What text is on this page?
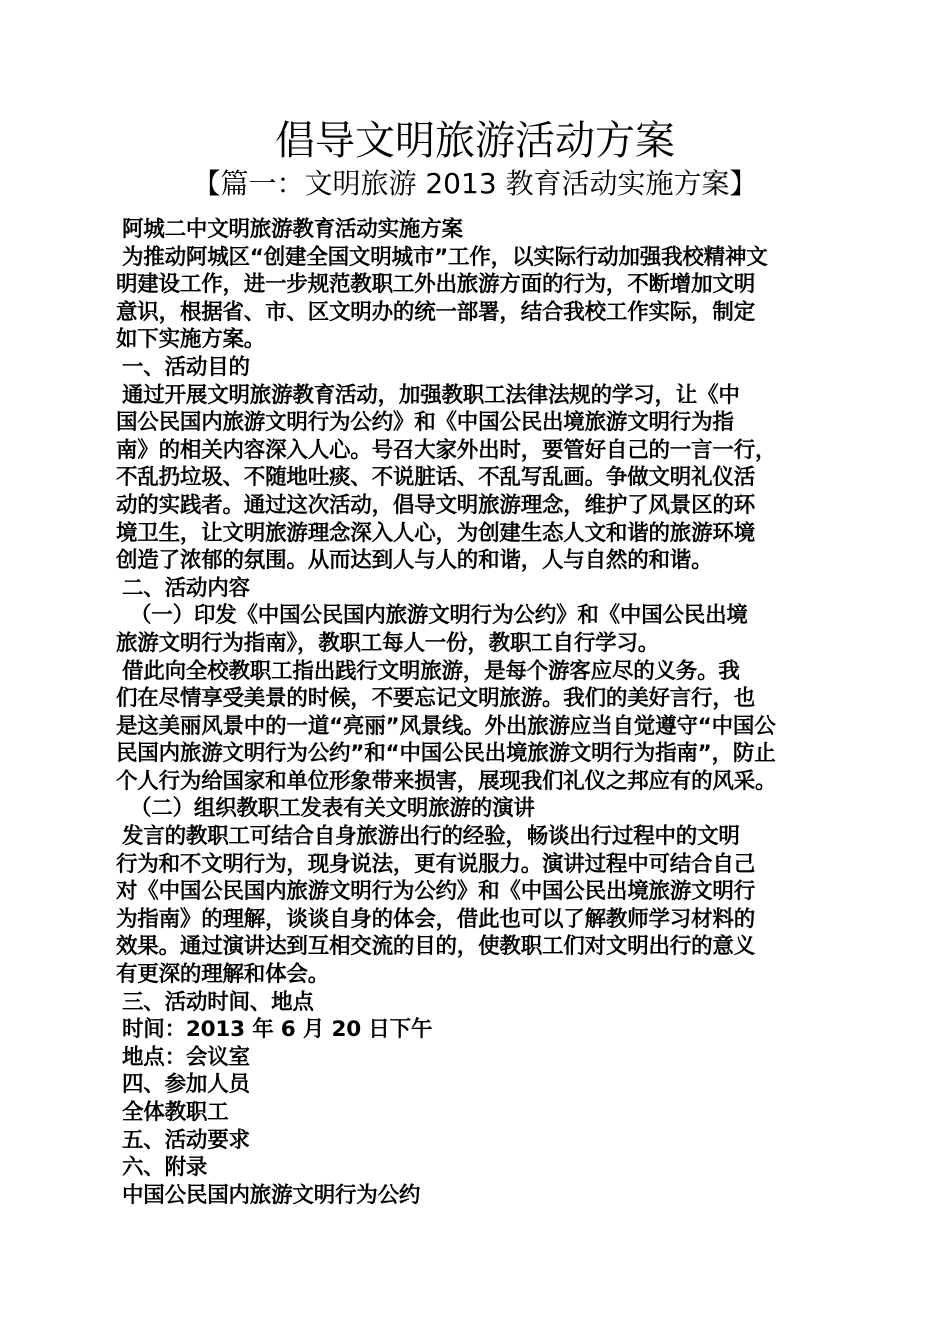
倡导文明旅游活动方案
【篇一：文明旅游 2013 教育活动实施方案】
阿城二中文明旅游教育活动实施方案
为推动阿城区“创建全国文明城市”工作，以实际行动加强我校精神文
明建设工作，进一步规范教职工外出旅游方面的行为，不断增加文明
意识，根据省、市、区文明办的统一部署，结合我校工作实际，制定
如下实施方案。
一、活动目的
通过开展文明旅游教育活动，加强教职工法律法规的学习，让《中
国公民国内旅游文明行为公约》和《中国公民出境旅游文明行为指
南》的相关内容深入人心。号召大家外出时，要管好自己的一言一行，
不乱扔垃圾、不随地吐痰、不说脏话、不乱写乱画。争做文明礼仪活
动的实践者。通过这次活动，倡导文明旅游理念，维护了风景区的环
境卫生，让文明旅游理念深入人心，为创建生态人文和谐的旅游环境
创造了浓郁的氛围。从而达到人与人的和谐，人与自然的和谐。
二、活动内容
（一）印发《中国公民国内旅游文明行为公约》和《中国公民出境
旅游文明行为指南》，教职工每人一份，教职工自行学习。
借此向全校教职工指出践行文明旅游，是每个游客应尽的义务。我
们在尽情享受美景的时候，不要忘记文明旅游。我们的美好言行，也
是这美丽风景中的一道“亮丽”风景线。外出旅游应当自觉遵守“中国公
民国内旅游文明行为公约”和“中国公民出境旅游文明行为指南”，防止
个人行为给国家和单位形象带来损害，展现我们礼仪之邦应有的风采。
（二）组织教职工发表有关文明旅游的演讲
发言的教职工可结合自身旅游出行的经验，畅谈出行过程中的文明
行为和不文明行为，现身说法，更有说服力。演讲过程中可结合自己
对《中国公民国内旅游文明行为公约》和《中国公民出境旅游文明行
为指南》的理解，谈谈自身的体会，借此也可以了解教师学习材料的
效果。通过演讲达到互相交流的目的，使教职工们对文明出行的意义
有更深的理解和体会。
三、活动时间、地点
时间：2013 年 6 月 20 日下午
地点：会议室
四、参加人员
全体教职工
五、活动要求
六、附录
中国公民国内旅游文明行为公约
